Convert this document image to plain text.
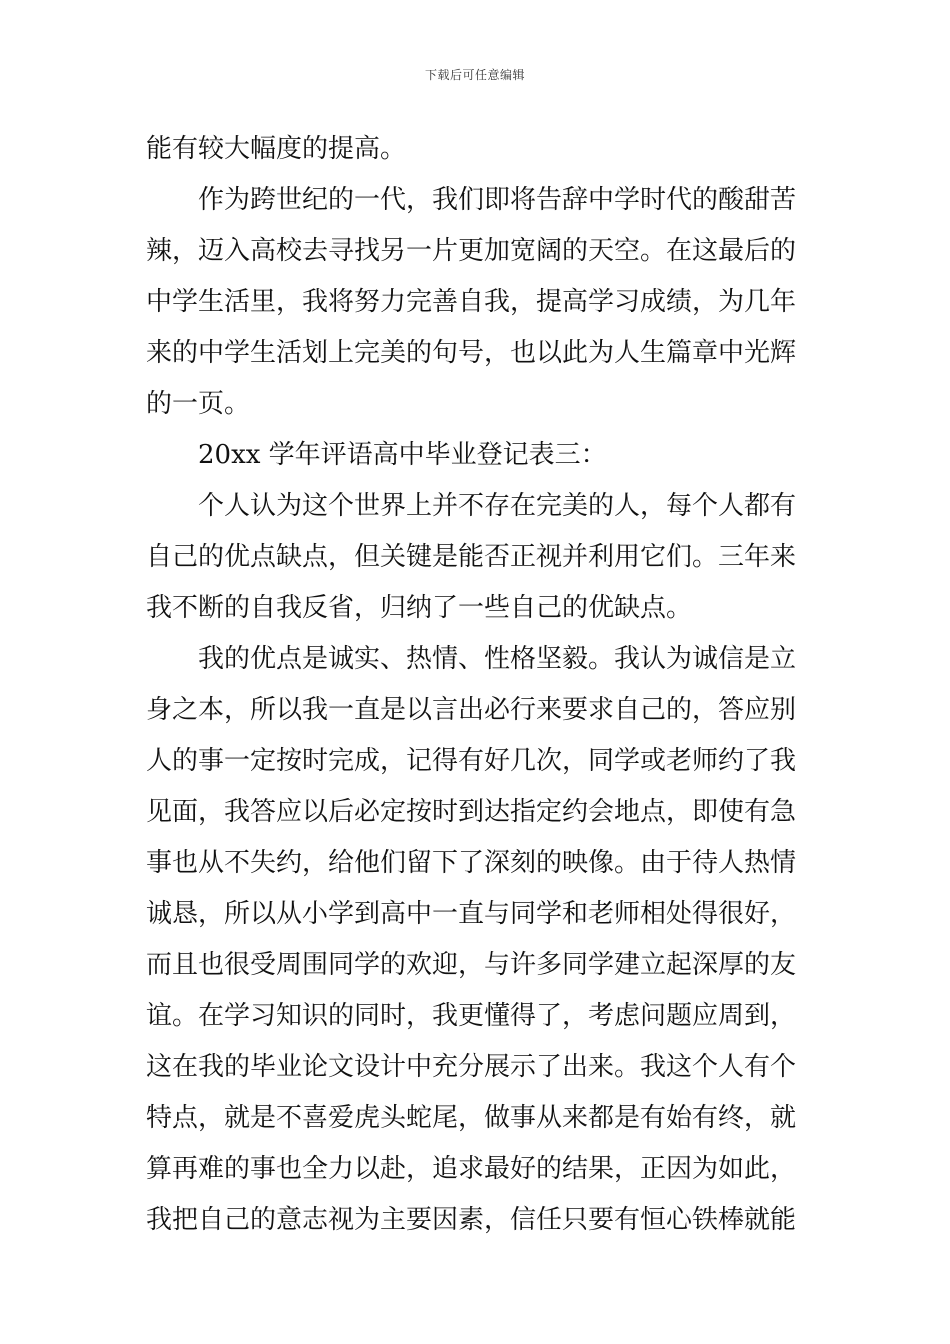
下载后可任意编辑
能有较大幅度的提高。
作为跨世纪的一代，我们即将告辞中学时代的酸甜苦
辣，迈入高校去寻找另一片更加宽阔的天空。在这最后的
中学生活里，我将努力完善自我，提高学习成绩，为几年
来的中学生活划上完美的句号，也以此为人生篇章中光辉
的一页。
20xx 学年评语高中毕业登记表三：
个人认为这个世界上并不存在完美的人，每个人都有
自己的优点缺点，但关键是能否正视并利用它们。三年来
我不断的自我反省，归纳了一些自己的优缺点。
我的优点是诚实、热情、性格坚毅。我认为诚信是立
身之本，所以我一直是以言出必行来要求自己的，答应别
人的事一定按时完成，记得有好几次，同学或老师约了我
见面，我答应以后必定按时到达指定约会地点，即使有急
事也从不失约，给他们留下了深刻的映像。由于待人热情
诚恳，所以从小学到高中一直与同学和老师相处得很好，
而且也很受周围同学的欢迎，与许多同学建立起深厚的友
谊。在学习知识的同时，我更懂得了，考虑问题应周到，
这在我的毕业论文设计中充分展示了出来。我这个人有个
特点，就是不喜爱虎头蛇尾，做事从来都是有始有终，就
算再难的事也全力以赴，追求最好的结果，正因为如此，
我把自己的意志视为主要因素，信任只要有恒心铁棒就能
